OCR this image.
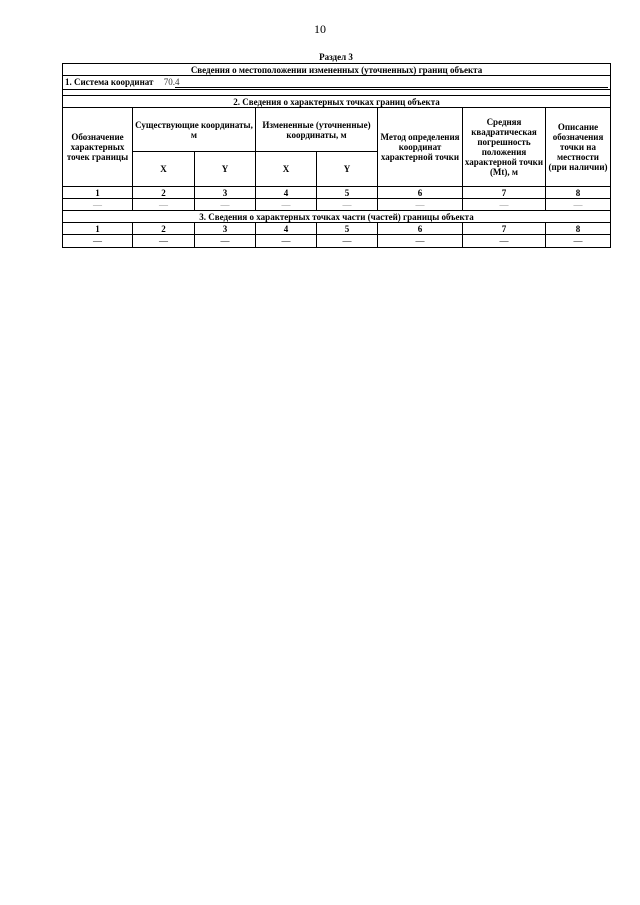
10
Раздел 3
Сведения о местоположении измененных (уточненных) границ объекта							
1. Система координат 70.4							

2. Сведения о характерных точках границ объекта							
Обозначение характерных точек границы	Существующие координаты, м		Измененные (уточненные) координаты, м		Метод определения координат характерной точки	Средняя квадратическая погрешность положения характерной точки (Mt), м	Описание обозначения точки на местности (при наличии)
	X	Y	X	Y			
1	2	3	4	5	6	7	8
—	—	—	—	—	—	—	—
3. Сведения о характерных точках части (частей) границы объекта							
1	2	3	4	5	6	7	8
—	—	—	—	—	—	—	—
